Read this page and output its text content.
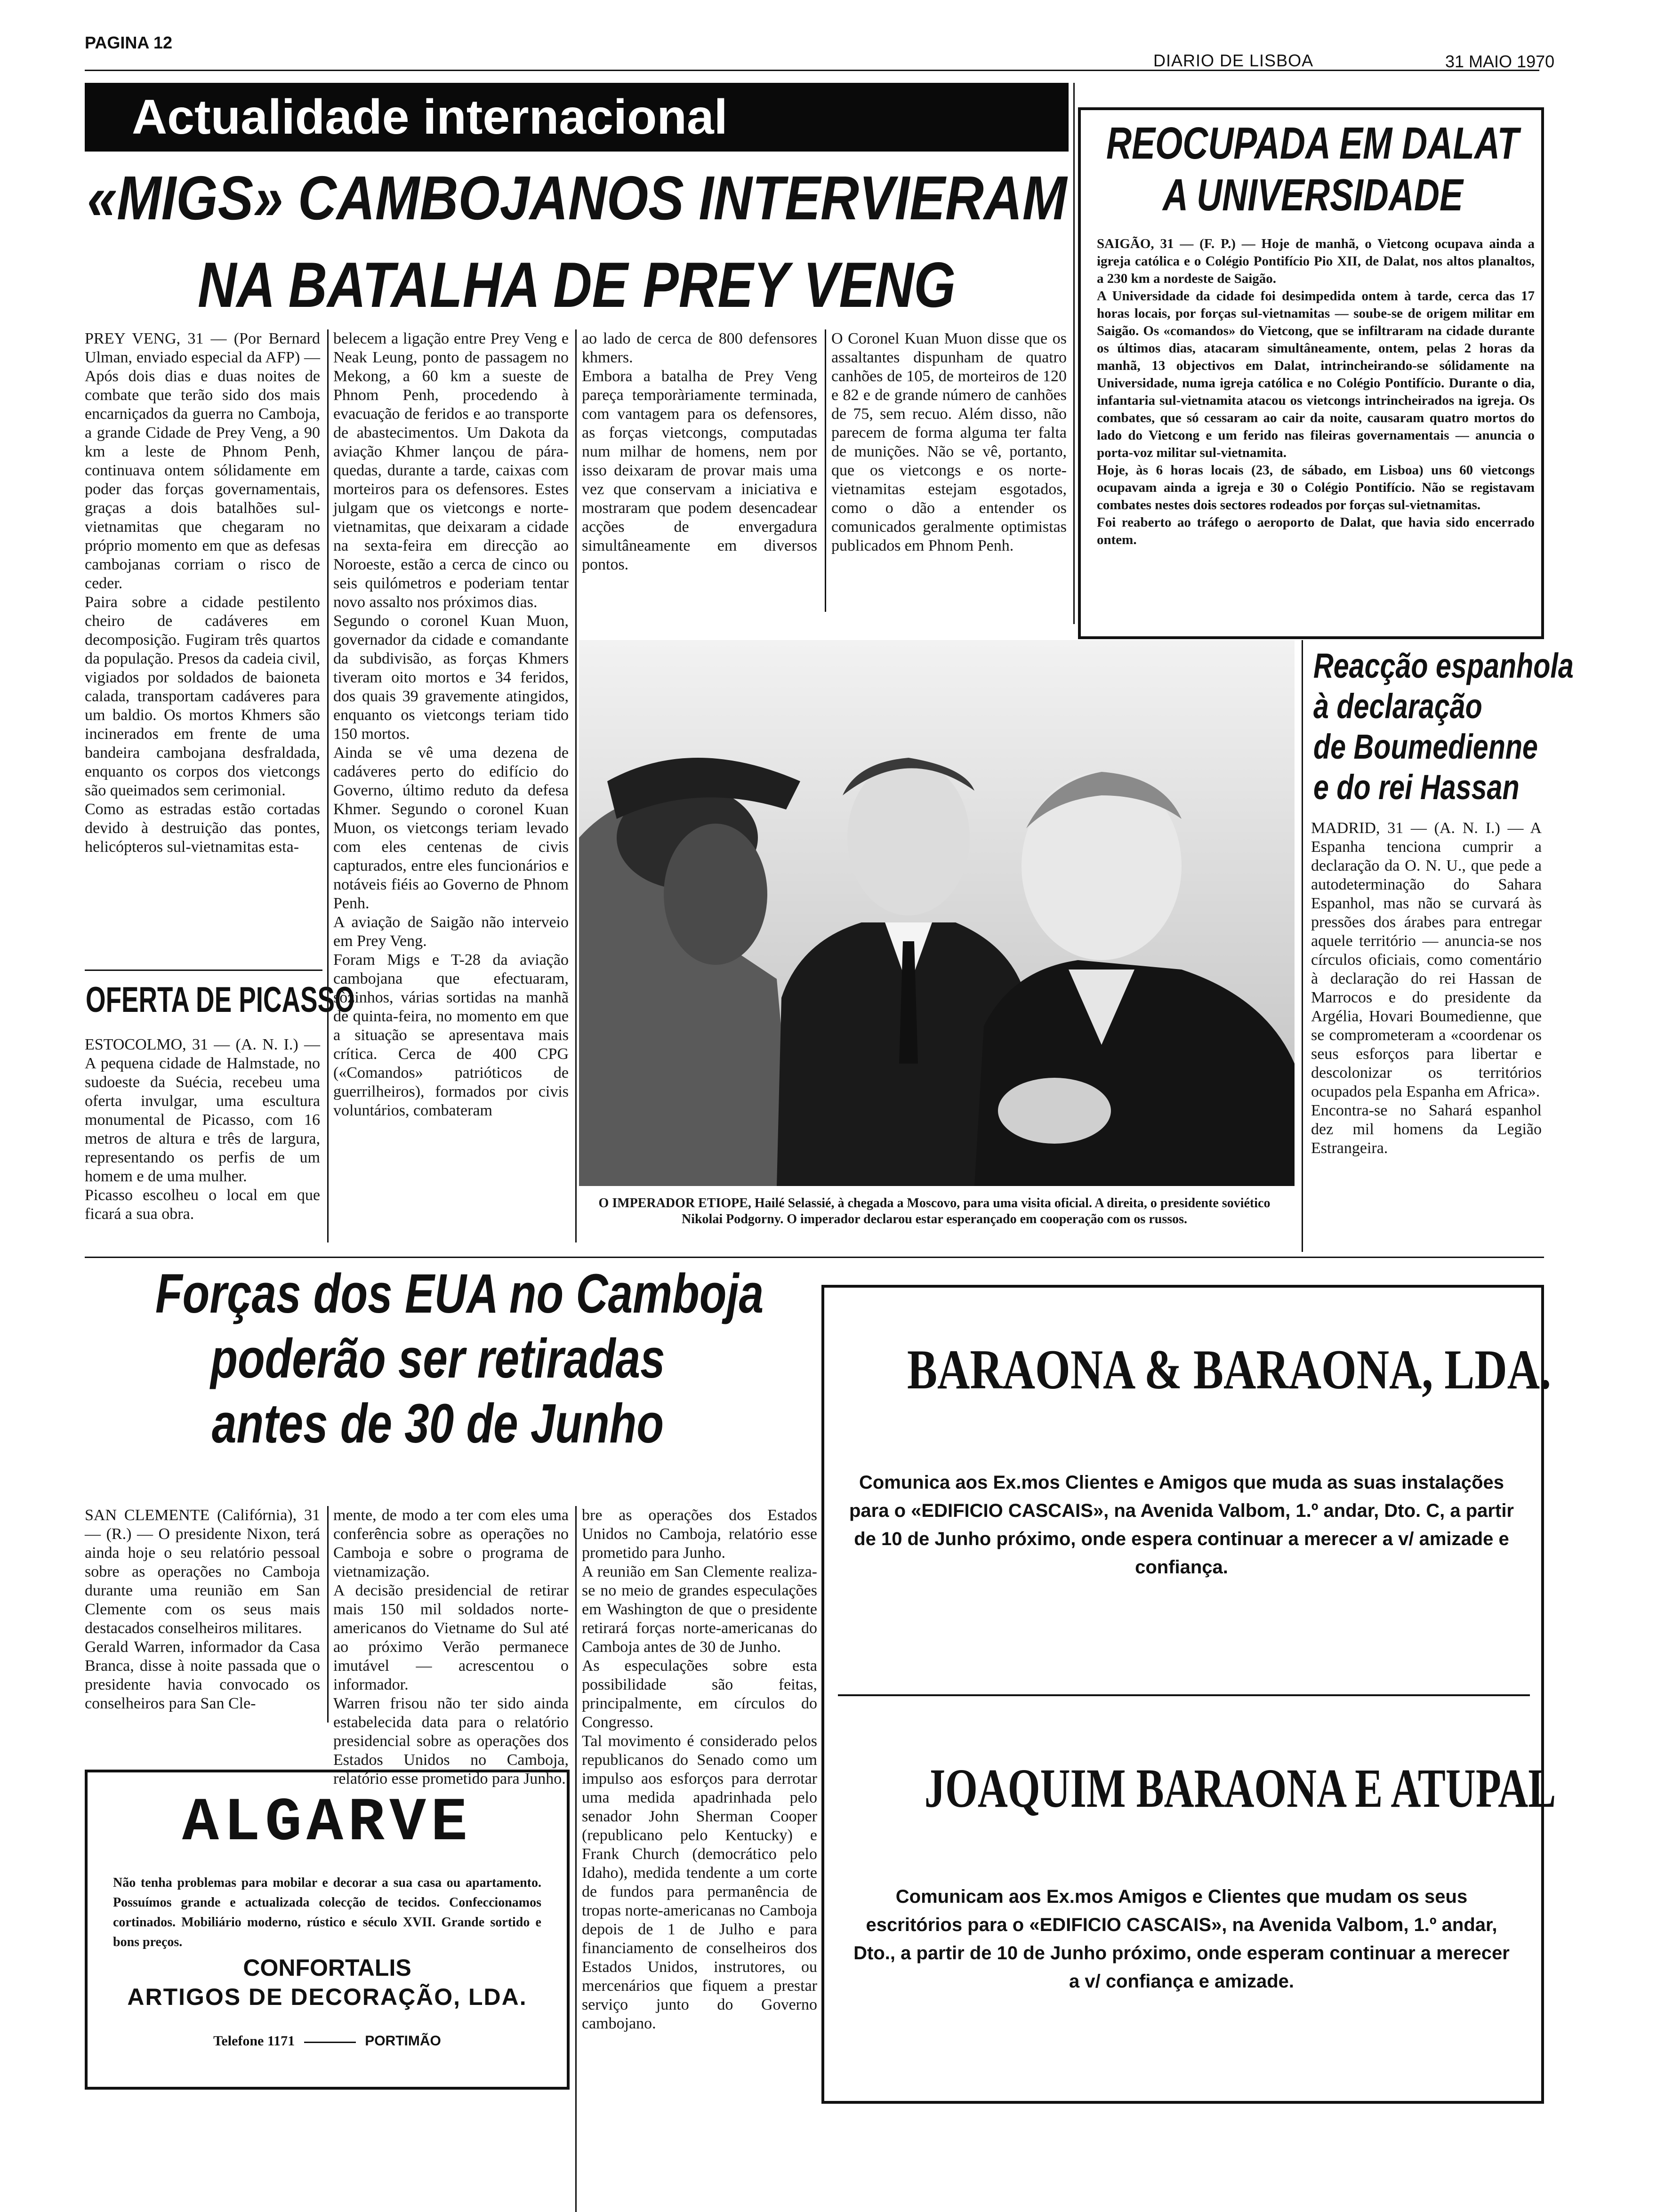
PAGINA 12
DIARIO DE LISBOA	31 MAIO 1970
Actualidade internacional
«MIGS» CAMBOJANOS INTERVIERAM
NA BATALHA DE PREY VENG
PREY VENG, 31 — (Por Bernard Ulman, enviado especial da AFP) — Após dois dias e duas noites de combate que terão sido dos mais encarniçados da guerra no Camboja, a grande Cidade de Prey Veng, a 90 km a leste de Phnom Penh, continuava ontem sólidamente em poder das forças governamentais, graças a dois batalhões sul-vietnamitas que chegaram no próprio momento em que as defesas cambojanas corriam o risco de ceder.
Paira sobre a cidade pestilento cheiro de cadáveres em decomposição. Fugiram três quartos da população. Presos da cadeia civil, vigiados por soldados de baioneta calada, transportam cadáveres para um baldio. Os mortos Khmers são incinerados em frente de uma bandeira cambojana desfraldada, enquanto os corpos dos vietcongs são queimados sem cerimonial.
Como as estradas estão cortadas devido à destruição das pontes, helicópteros sul-vietnamitas esta-
belecem a ligação entre Prey Veng e Neak Leung, ponto de passagem no Mekong, a 60 km a sueste de Phnom Penh, procedendo à evacuação de feridos e ao transporte de abastecimentos. Um Dakota da aviação Khmer lançou de pára-quedas, durante a tarde, caixas com morteiros para os defensores. Estes julgam que os vietcongs e norte-vietnamitas, que deixaram a cidade na sexta-feira em direcção ao Noroeste, estão a cerca de cinco ou seis quilómetros e poderiam tentar novo assalto nos próximos dias.
Segundo o coronel Kuan Muon, governador da cidade e comandante da subdivisão, as forças Khmers tiveram oito mortos e 34 feridos, dos quais 39 gravemente atingidos, enquanto os vietcongs teriam tido 150 mortos.
Ainda se vê uma dezena de cadáveres perto do edifício do Governo, último reduto da defesa Khmer. Segundo o coronel Kuan Muon, os vietcongs teriam levado com eles centenas de civis capturados, entre eles funcionários e notáveis fiéis ao Governo de Phnom Penh.
A aviação de Saigão não interveio em Prey Veng.
Foram Migs e T-28 da aviação cambojana que efectuaram, sòzinhos, várias sortidas na manhã de quinta-feira, no momento em que a situação se apresentava mais crítica. Cerca de 400 CPG («Comandos» patrióticos de guerrilheiros), formados por civis voluntários, combateram
ao lado de cerca de 800 defensores khmers.
Embora a batalha de Prey Veng pareça temporàriamente terminada, com vantagem para os defensores, as forças vietcongs, computadas num milhar de homens, nem por isso deixaram de provar mais uma vez que conservam a iniciativa e mostraram que podem desencadear acções de envergadura simultâneamente em diversos pontos.
O Coronel Kuan Muon disse que os assaltantes dispunham de quatro canhões de 105, de morteiros de 120 e 82 e de grande número de canhões de 75, sem recuo. Além disso, não parecem de forma alguma ter falta de munições. Não se vê, portanto, que os vietcongs e os norte-vietnamitas estejam esgotados, como o dão a entender os comunicados geralmente optimistas publicados em Phnom Penh.
OFERTA DE PICASSO
ESTOCOLMO, 31 — (A. N. I.) — A pequena cidade de Halmstade, no sudoeste da Suécia, recebeu uma oferta invulgar, uma escultura monumental de Picasso, com 16 metros de altura e três de largura, representando os perfis de um homem e de uma mulher.
Picasso escolheu o local em que ficará a sua obra.
REOCUPADA EM DALAT
A UNIVERSIDADE
SAIGÃO, 31 — (F. P.) — Hoje de manhã, o Vietcong ocupava ainda a igreja católica e o Colégio Pontifício Pio XII, de Dalat, nos altos planaltos, a 230 km a nordeste de Saigão.
A Universidade da cidade foi desimpedida ontem à tarde, cerca das 17 horas locais, por forças sul-vietnamitas — soube-se de origem militar em Saigão. Os «comandos» do Vietcong, que se infiltraram na cidade durante os últimos dias, atacaram simultâneamente, ontem, pelas 2 horas da manhã, 13 objectivos em Dalat, intrincheirando-se sólidamente na Universidade, numa igreja católica e no Colégio Pontifício. Durante o dia, infantaria sul-vietnamita atacou os vietcongs intrincheirados na igreja. Os combates, que só cessaram ao cair da noite, causaram quatro mortos do lado do Vietcong e um ferido nas fileiras governamentais — anuncia o porta-voz militar sul-vietnamita.
Hoje, às 6 horas locais (23, de sábado, em Lisboa) uns 60 vietcongs ocupavam ainda a igreja e 30 o Colégio Pontifício. Não se registavam combates nestes dois sectores rodeados por forças sul-vietnamitas.
Foi reaberto ao tráfego o aeroporto de Dalat, que havia sido encerrado ontem.
O IMPERADOR ETIOPE, Hailé Selassié, à chegada a Moscovo, para uma visita oficial. A direita, o presidente soviético Nikolai Podgorny. O imperador declarou estar esperançado em cooperação com os russos.
Reacção espanhola
à declaração
de Boumedienne
e do rei Hassan
MADRID, 31 — (A. N. I.) — A Espanha tenciona cumprir a declaração da O. N. U., que pede a autodeterminação do Sahara Espanhol, mas não se curvará às pressões dos árabes para entregar aquele território — anuncia-se nos círculos oficiais, como comentário à declaração do rei Hassan de Marrocos e do presidente da Argélia, Hovari Boumedienne, que se comprometeram a «coordenar os seus esforços para libertar e descolonizar os territórios ocupados pela Espanha em Africa».
Encontra-se no Sahará espanhol dez mil homens da Legião Estrangeira.
Forças dos EUA no Camboja
poderão ser retiradas
antes de 30 de Junho
SAN CLEMENTE (Califórnia), 31 — (R.) — O presidente Nixon, terá ainda hoje o seu relatório pessoal sobre as operações no Camboja durante uma reunião em San Clemente com os seus mais destacados conselheiros militares.
Gerald Warren, informador da Casa Branca, disse à noite passada que o presidente havia convocado os conselheiros para San Cle-
mente, de modo a ter com eles uma conferência sobre as operações no Camboja e sobre o programa de vietnamização.
A decisão presidencial de retirar mais 150 mil soldados norte-americanos do Vietname do Sul até ao próximo Verão permanece imutável — acrescentou o informador.
Warren frisou não ter sido ainda estabelecida data para o relatório presidencial sobre as operações dos Estados Unidos no Camboja, relatório esse prometido para Junho.
bre as operações dos Estados Unidos no Camboja, relatório esse prometido para Junho.
A reunião em San Clemente realiza-se no meio de grandes especulações em Washington de que o presidente retirará forças norte-americanas do Camboja antes de 30 de Junho.
As especulações sobre esta possibilidade são feitas, principalmente, em círculos do Congresso.
Tal movimento é considerado pelos republicanos do Senado como um impulso aos esforços para derrotar uma medida apadrinhada pelo senador John Sherman Cooper (republicano pelo Kentucky) e Frank Church (democrático pelo Idaho), medida tendente a um corte de fundos para permanência de tropas norte-americanas no Camboja depois de 1 de Julho e para financiamento de conselheiros dos Estados Unidos, instrutores, ou mercenários que fiquem a prestar serviço junto do Governo cambojano.
ALGARVE
Não tenha problemas para mobilar e decorar a sua casa ou apartamento. Possuímos grande e actualizada colecção de tecidos. Confeccionamos cortinados. Mobiliário moderno, rústico e século XVII. Grande sortido e bons preços.
CONFORTALIS
ARTIGOS DE DECORAÇÃO, LDA.
Telefone 1171	PORTIMÃO
BARAONA & BARAONA, LDA.
Comunica aos Ex.mos Clientes e Amigos que muda as suas instalações para o «EDIFICIO CASCAIS», na Avenida Valbom, 1.º andar, Dto. C, a partir de 10 de Junho próximo, onde espera continuar a merecer a v/ amizade e confiança.
JOAQUIM BARAONA E ATUPAL
Comunicam aos Ex.mos Amigos e Clientes que mudam os seus escritórios para o «EDIFICIO CASCAIS», na Avenida Valbom, 1.º andar, Dto., a partir de 10 de Junho próximo, onde esperam continuar a merecer a v/ confiança e amizade.
